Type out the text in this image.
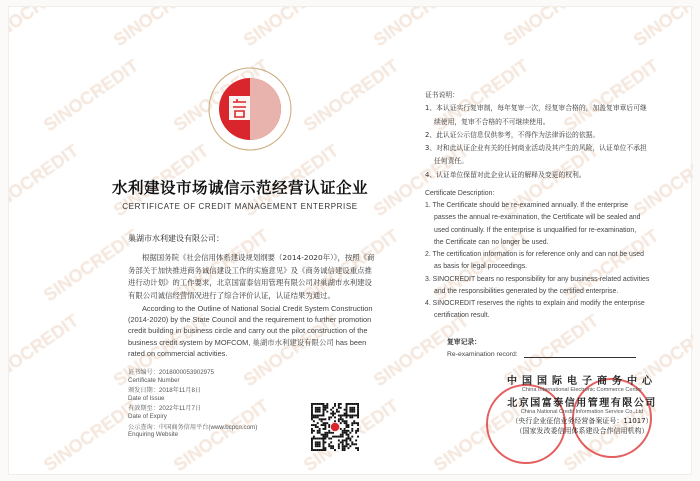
水利建设市场诚信示范经营认证企业
CERTIFICATE OF CREDIT MANAGEMENT ENTERPRISE
巢湖市水利建设有限公司：
根据国务院《社会信用体系建设规划纲要（2014-2020年）》，按照《商务部关于加快推进商务诚信建设工作的实施意见》及《商务诚信建设重点推进行动计划》的工作要求，北京国富泰信用管理有限公司对巢湖市水利建设有限公司诚信经营情况进行了综合评价认证，认证结果为通过。
According to the Outline of National Social Credit System Construction (2014-2020) by the State Council and the requirement to further promotion credit building in business circle and carry out the pilot construction of the business credit system by MOFCOM, 巢湖市水利建设有限公司 has been rated on commercial activities.
证书编号：2018000053902975
Certificate Number
颁发日期：2018年11月8日
Date of Issue
有效期至：2022年11月7日
Date of Expiry
公示查询：中国商务信用平台(www.bcpcn.com)
Enquiring Website
证书说明：
1、本认证实行复审制，每年复审一次，经复审合格的，加盖复审章后可继
续使用，复审不合格的不可继续使用。
2、此认证公示信息仅供参考，不得作为法律诉讼的依据。
3、对和此认证企业有关的任何商业活动及其产生的风险，认证单位不承担
任何责任。
4、认证单位保留对此企业认证的解释及变更的权利。
Certificate Description:
1. The Certificate should be re-examined annually. If the enterprise
passes the annual re-examination, the Certificate will be sealed and
used continually. If the enterprise is unqualified for re-examination,
the Certificate can no longer be used.
2. The certification information is for reference only and can not be used
as basis for legal proceedings.
3. SINOCREDIT bears no responsibility for any business-related activities
and the responsibilities generated by the certified enterprise.
4. SINOCREDIT reserves the rights to explain and modify the enterprise
certification result.
复审记录：
Re-examination record:
中国国际电子商务中心
China International Electronic Commerce Center
北京国富泰信用管理有限公司
China National Credit Information Service Co.,Ltd
（央行企业征信业务经营备案证号：11017）
（国家发改委信用体系建设合作信用机构）
